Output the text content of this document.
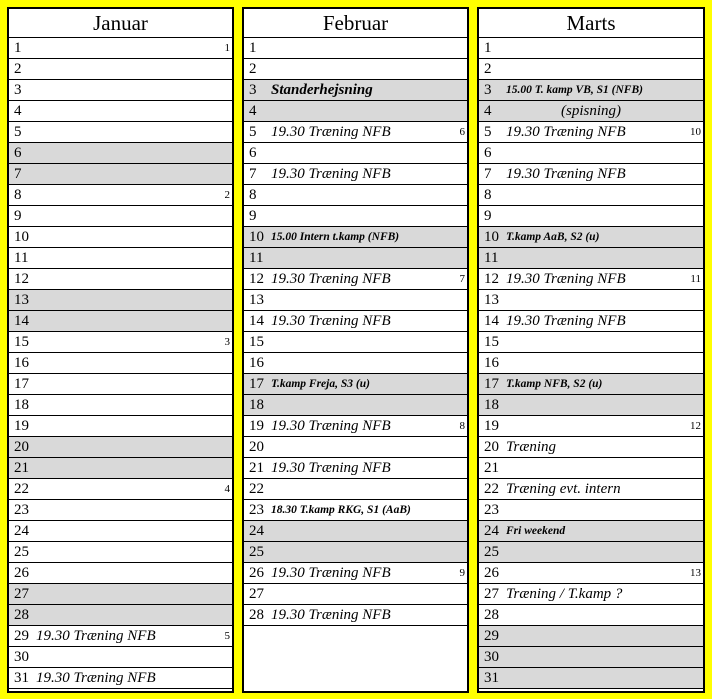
Januar
1	1
2
3
4
5
6
7
8	2
9
10
11
12
13
14
15	3
16
17
18
19
20
21
22	4
23
24
25
26
27
28
29 19.30 Træning NFB	5
30
31 19.30 Træning NFB
Februar
1
2
3 Standerhejsning
4
5 19.30 Træning NFB	6
6
7 19.30 Træning NFB
8
9
10 15.00 Intern t.kamp (NFB)
11
12 19.30 Træning NFB	7
13
14 19.30 Træning NFB
15
16
17 T.kamp Freja, S3 (u)
18
19 19.30 Træning NFB	8
20
21 19.30 Træning NFB
22
23 18.30 T.kamp RKG, S1 (AaB)
24
25
26 19.30 Træning NFB	9
27
28 19.30 Træning NFB
Marts
1
2
3 15.00 T. kamp VB, S1 (NFB)
4	(spisning)
5 19.30 Træning NFB	10
6
7 19.30 Træning NFB
8
9
10 T.kamp AaB, S2 (u)
11
12 19.30 Træning NFB	11
13
14 19.30 Træning NFB
15
16
17 T.kamp NFB, S2 (u)
18
19	12
20 Træning
21
22 Træning evt. intern
23
24 Fri weekend
25
26	13
27 Træning / T.kamp ?
28
29
30
31
